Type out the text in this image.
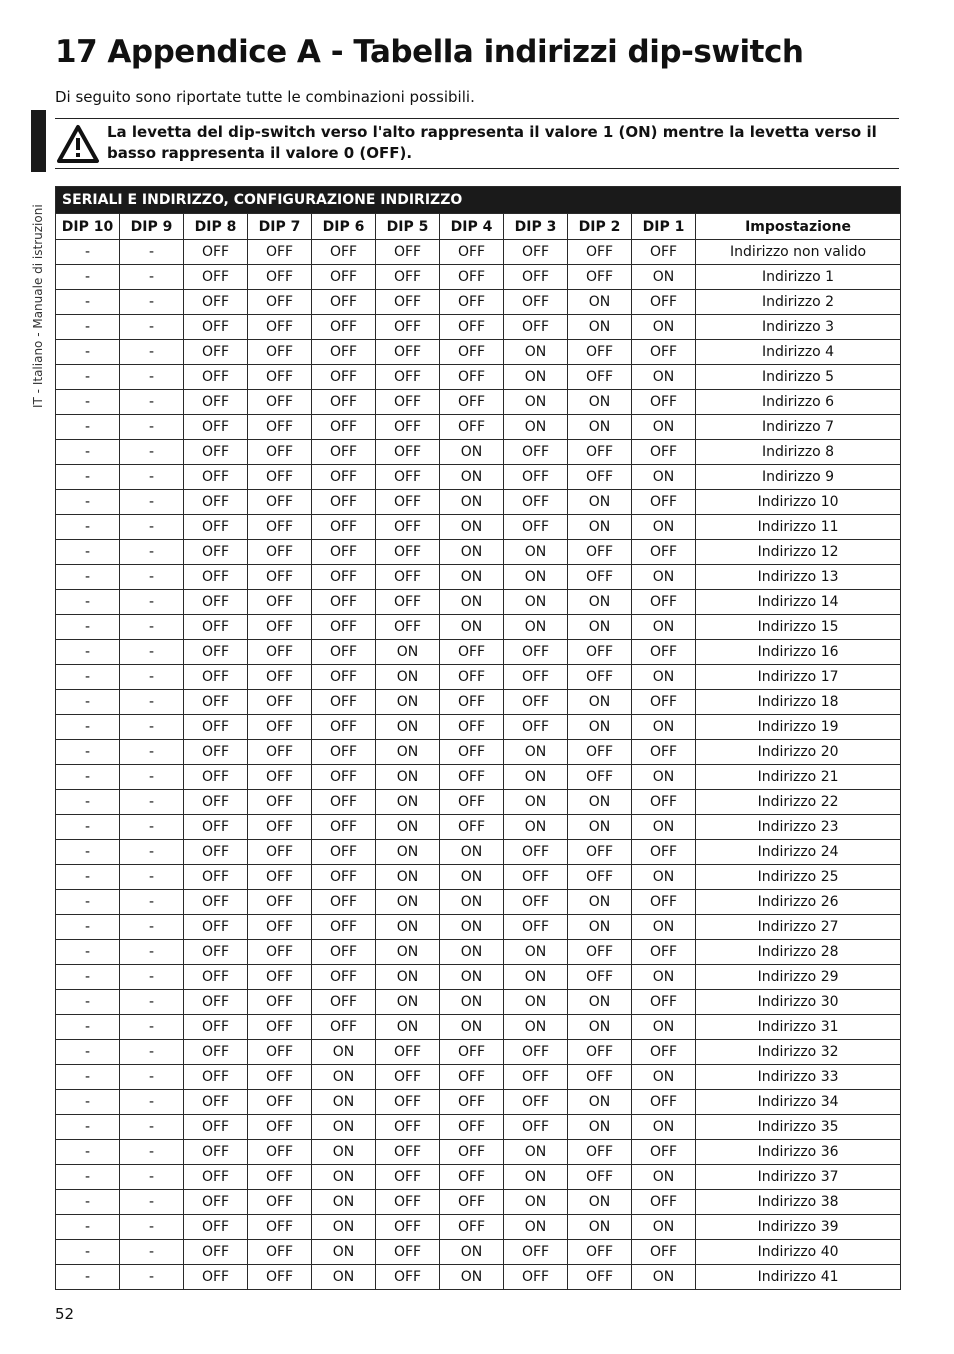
IT - Italiano - Manuale di istruzioni
17 Appendice A - Tabella indirizzi dip-switch
Di seguito sono riportate tutte le combinazioni possibili.
La levetta del dip-switch verso l'alto rappresenta il valore 1 (ON) mentre la levetta verso il basso rappresenta il valore 0 (OFF).
SERIALI E INDIRIZZO, CONFIGURAZIONE INDIRIZZO										
DIP 10	DIP 9	DIP 8	DIP 7	DIP 6	DIP 5	DIP 4	DIP 3	DIP 2	DIP 1	Impostazione
-	-	OFF	OFF	OFF	OFF	OFF	OFF	OFF	OFF	Indirizzo non valido
-	-	OFF	OFF	OFF	OFF	OFF	OFF	OFF	ON	Indirizzo 1
-	-	OFF	OFF	OFF	OFF	OFF	OFF	ON	OFF	Indirizzo 2
-	-	OFF	OFF	OFF	OFF	OFF	OFF	ON	ON	Indirizzo 3
-	-	OFF	OFF	OFF	OFF	OFF	ON	OFF	OFF	Indirizzo 4
-	-	OFF	OFF	OFF	OFF	OFF	ON	OFF	ON	Indirizzo 5
-	-	OFF	OFF	OFF	OFF	OFF	ON	ON	OFF	Indirizzo 6
-	-	OFF	OFF	OFF	OFF	OFF	ON	ON	ON	Indirizzo 7
-	-	OFF	OFF	OFF	OFF	ON	OFF	OFF	OFF	Indirizzo 8
-	-	OFF	OFF	OFF	OFF	ON	OFF	OFF	ON	Indirizzo 9
-	-	OFF	OFF	OFF	OFF	ON	OFF	ON	OFF	Indirizzo 10
-	-	OFF	OFF	OFF	OFF	ON	OFF	ON	ON	Indirizzo 11
-	-	OFF	OFF	OFF	OFF	ON	ON	OFF	OFF	Indirizzo 12
-	-	OFF	OFF	OFF	OFF	ON	ON	OFF	ON	Indirizzo 13
-	-	OFF	OFF	OFF	OFF	ON	ON	ON	OFF	Indirizzo 14
-	-	OFF	OFF	OFF	OFF	ON	ON	ON	ON	Indirizzo 15
-	-	OFF	OFF	OFF	ON	OFF	OFF	OFF	OFF	Indirizzo 16
-	-	OFF	OFF	OFF	ON	OFF	OFF	OFF	ON	Indirizzo 17
-	-	OFF	OFF	OFF	ON	OFF	OFF	ON	OFF	Indirizzo 18
-	-	OFF	OFF	OFF	ON	OFF	OFF	ON	ON	Indirizzo 19
-	-	OFF	OFF	OFF	ON	OFF	ON	OFF	OFF	Indirizzo 20
-	-	OFF	OFF	OFF	ON	OFF	ON	OFF	ON	Indirizzo 21
-	-	OFF	OFF	OFF	ON	OFF	ON	ON	OFF	Indirizzo 22
-	-	OFF	OFF	OFF	ON	OFF	ON	ON	ON	Indirizzo 23
-	-	OFF	OFF	OFF	ON	ON	OFF	OFF	OFF	Indirizzo 24
-	-	OFF	OFF	OFF	ON	ON	OFF	OFF	ON	Indirizzo 25
-	-	OFF	OFF	OFF	ON	ON	OFF	ON	OFF	Indirizzo 26
-	-	OFF	OFF	OFF	ON	ON	OFF	ON	ON	Indirizzo 27
-	-	OFF	OFF	OFF	ON	ON	ON	OFF	OFF	Indirizzo 28
-	-	OFF	OFF	OFF	ON	ON	ON	OFF	ON	Indirizzo 29
-	-	OFF	OFF	OFF	ON	ON	ON	ON	OFF	Indirizzo 30
-	-	OFF	OFF	OFF	ON	ON	ON	ON	ON	Indirizzo 31
-	-	OFF	OFF	ON	OFF	OFF	OFF	OFF	OFF	Indirizzo 32
-	-	OFF	OFF	ON	OFF	OFF	OFF	OFF	ON	Indirizzo 33
-	-	OFF	OFF	ON	OFF	OFF	OFF	ON	OFF	Indirizzo 34
-	-	OFF	OFF	ON	OFF	OFF	OFF	ON	ON	Indirizzo 35
-	-	OFF	OFF	ON	OFF	OFF	ON	OFF	OFF	Indirizzo 36
-	-	OFF	OFF	ON	OFF	OFF	ON	OFF	ON	Indirizzo 37
-	-	OFF	OFF	ON	OFF	OFF	ON	ON	OFF	Indirizzo 38
-	-	OFF	OFF	ON	OFF	OFF	ON	ON	ON	Indirizzo 39
-	-	OFF	OFF	ON	OFF	ON	OFF	OFF	OFF	Indirizzo 40
-	-	OFF	OFF	ON	OFF	ON	OFF	OFF	ON	Indirizzo 41
52
